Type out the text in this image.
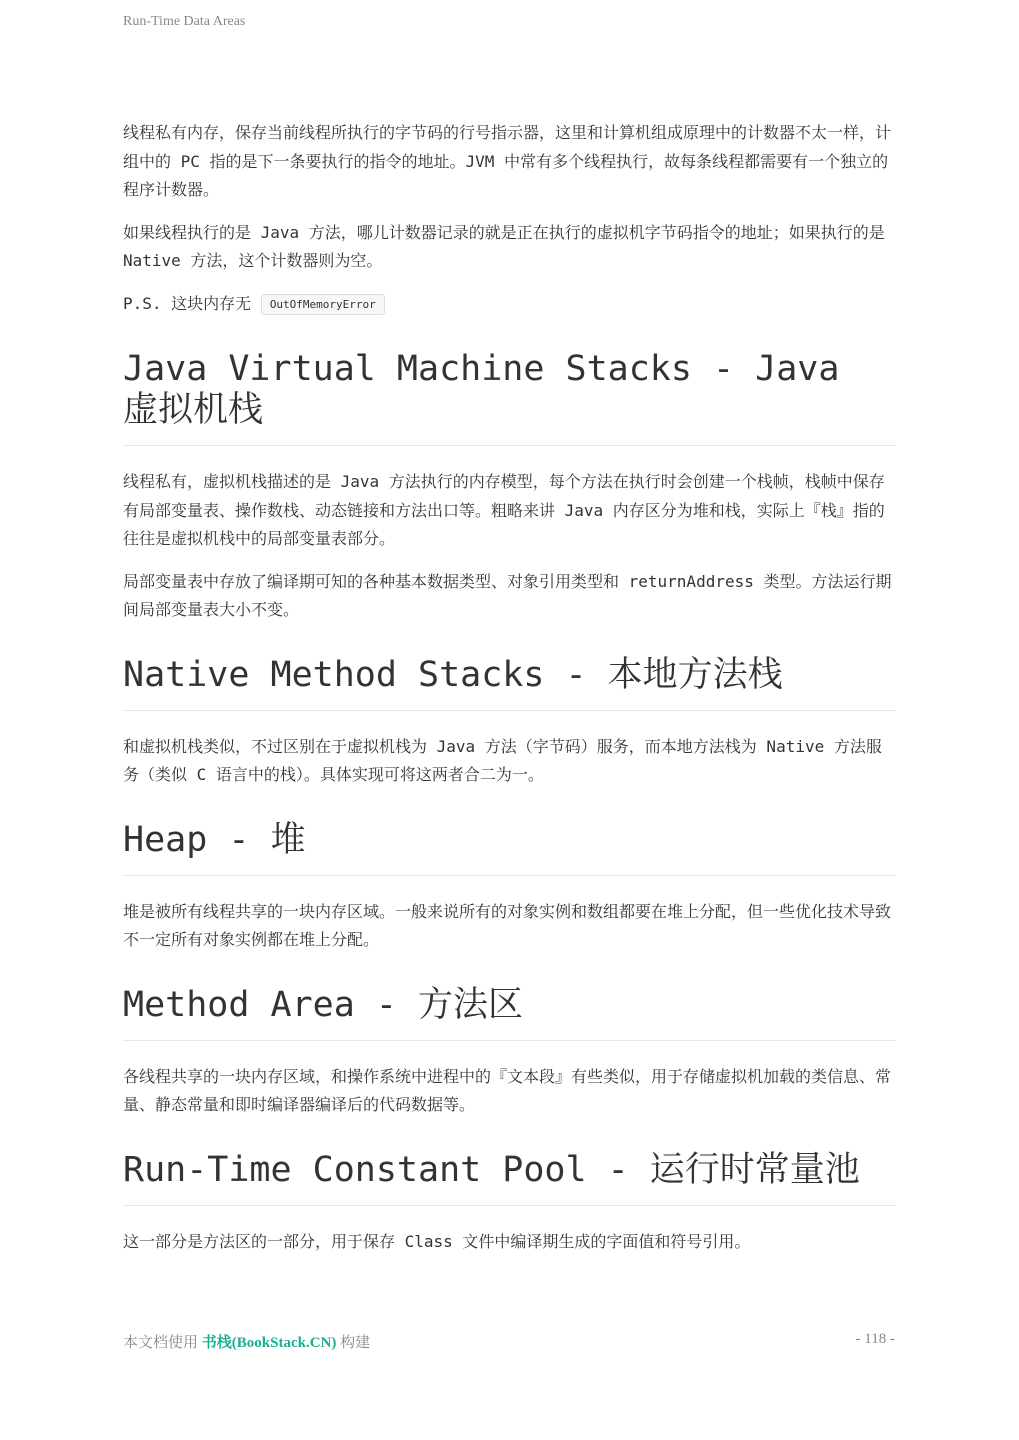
Run-Time Data Areas

线程私有内存，保存当前线程所执行的字节码的行号指示器，这里和计算机组成原理中的计数器不太一样，计组中的 PC 指的是下一条要执行的指令的地址。JVM 中常有多个线程执行，故每条线程都需要有一个独立的程序计数器。

如果线程执行的是 Java 方法，哪儿计数器记录的就是正在执行的虚拟机字节码指令的地址；如果执行的是 Native 方法，这个计数器则为空。

P.S. 这块内存无 OutOfMemoryError

Java Virtual Machine Stacks - Java 虚拟机栈

线程私有，虚拟机栈描述的是 Java 方法执行的内存模型，每个方法在执行时会创建一个栈帧，栈帧中保存有局部变量表、操作数栈、动态链接和方法出口等。粗略来讲 Java 内存区分为堆和栈，实际上『栈』指的往往是虚拟机栈中的局部变量表部分。

局部变量表中存放了编译期可知的各种基本数据类型、对象引用类型和 returnAddress 类型。方法运行期间局部变量表大小不变。

Native Method Stacks - 本地方法栈

和虚拟机栈类似，不过区别在于虚拟机栈为 Java 方法（字节码）服务，而本地方法栈为 Native 方法服务（类似 C 语言中的栈）。具体实现可将这两者合二为一。

Heap - 堆

堆是被所有线程共享的一块内存区域。一般来说所有的对象实例和数组都要在堆上分配，但一些优化技术导致不一定所有对象实例都在堆上分配。

Method Area - 方法区

各线程共享的一块内存区域，和操作系统中进程中的『文本段』有些类似，用于存储虚拟机加载的类信息、常量、静态常量和即时编译器编译后的代码数据等。

Run-Time Constant Pool - 运行时常量池

这一部分是方法区的一部分，用于保存 Class 文件中编译期生成的字面值和符号引用。

本文档使用 书栈(BookStack.CN) 构建	- 118 -
